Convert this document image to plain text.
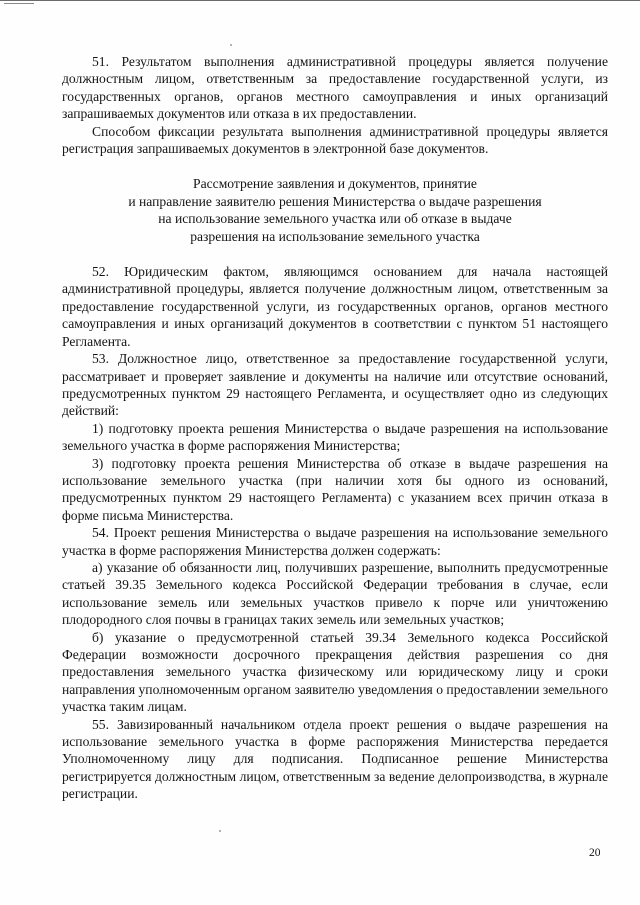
51. Результатом выполнения административной процедуры является получение должностным лицом, ответственным за предоставление государственной услуги, из государственных органов, органов местного самоуправления и иных организаций запрашиваемых документов или отказа в их предоставлении.

Способом фиксации результата выполнения административной процедуры является регистрация запрашиваемых документов в электронной базе документов.

Рассмотрение заявления и документов, принятие
и направление заявителю решения Министерства о выдаче разрешения
на использование земельного участка или об отказе в выдаче
разрешения на использование земельного участка

52. Юридическим фактом, являющимся основанием для начала настоящей административной процедуры, является получение должностным лицом, ответственным за предоставление государственной услуги, из государственных органов, органов местного самоуправления и иных организаций документов в соответствии с пунктом 51 настоящего Регламента.

53. Должностное лицо, ответственное за предоставление государственной услуги, рассматривает и проверяет заявление и документы на наличие или отсутствие оснований, предусмотренных пунктом 29 настоящего Регламента, и осуществляет одно из следующих действий:

1) подготовку проекта решения Министерства о выдаче разрешения на использование земельного участка в форме распоряжения Министерства;

3) подготовку проекта решения Министерства об отказе в выдаче разрешения на использование земельного участка (при наличии хотя бы одного из оснований, предусмотренных пунктом 29 настоящего Регламента) с указанием всех причин отказа в форме письма Министерства.

54. Проект решения Министерства о выдаче разрешения на использование земельного участка в форме распоряжения Министерства должен содержать:

а) указание об обязанности лиц, получивших разрешение, выполнить предусмотренные статьей 39.35 Земельного кодекса Российской Федерации требования в случае, если использование земель или земельных участков привело к порче или уничтожению плодородного слоя почвы в границах таких земель или земельных участков;

б) указание о предусмотренной статьей 39.34 Земельного кодекса Российской Федерации возможности досрочного прекращения действия разрешения со дня предоставления земельного участка физическому или юридическому лицу и сроки направления уполномоченным органом заявителю уведомления о предоставлении земельного участка таким лицам.

55. Завизированный начальником отдела проект решения о выдаче разрешения на использование земельного участка в форме распоряжения Министерства передается Уполномоченному лицу для подписания. Подписанное решение Министерства регистрируется должностным лицом, ответственным за ведение делопроизводства, в журнале регистрации.

20
